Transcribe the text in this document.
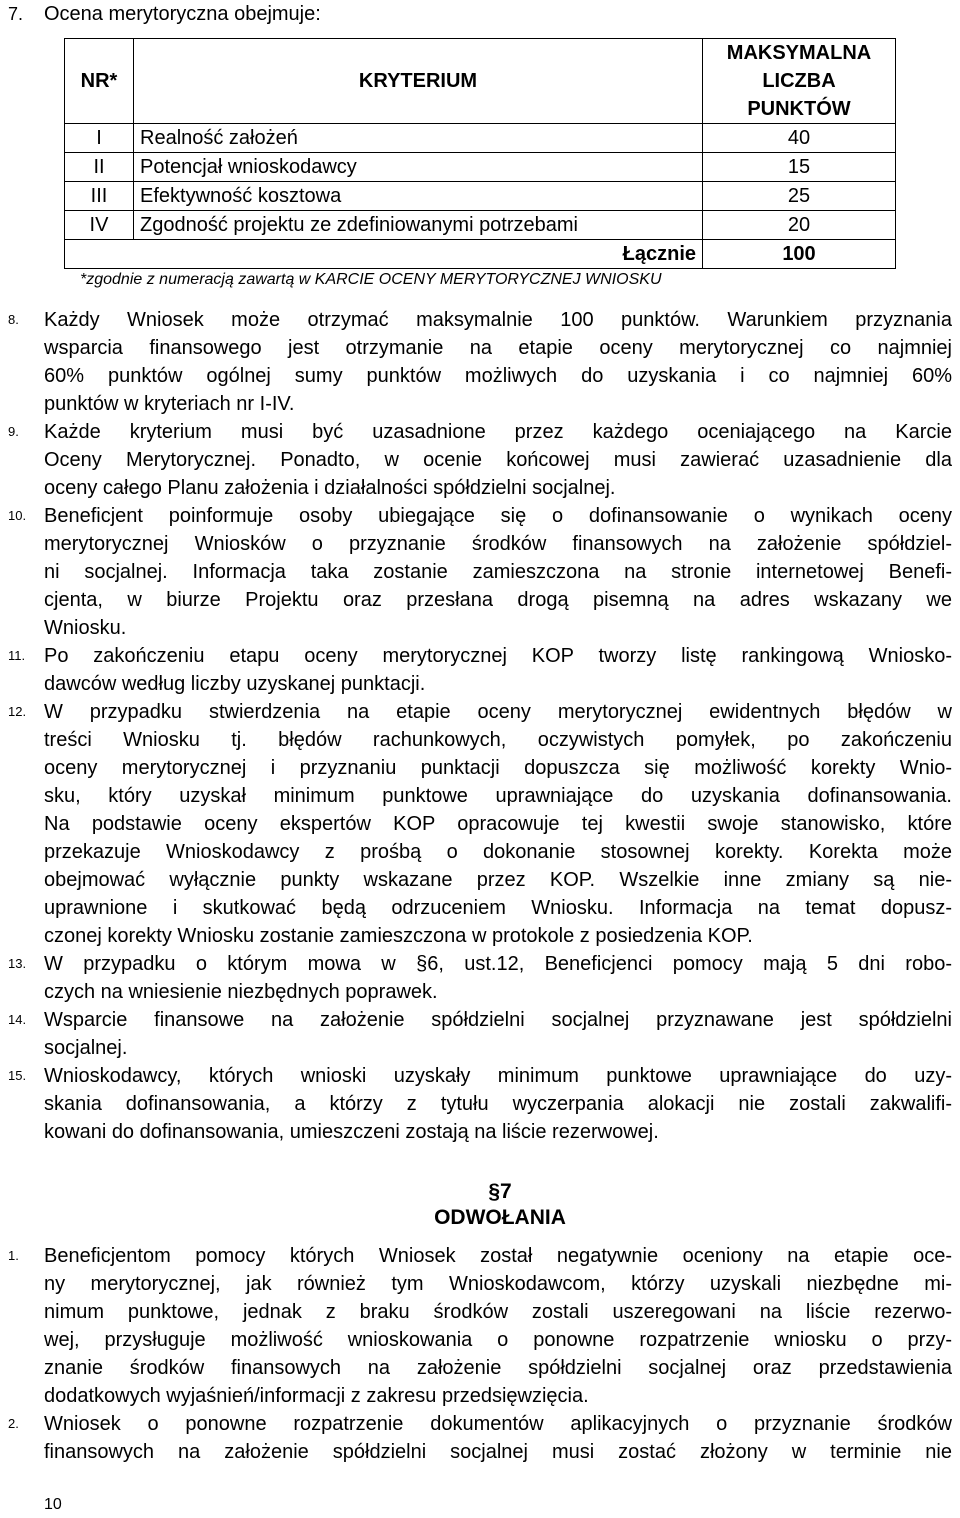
7. Ocena merytoryczna obejmuje:
NR*	KRYTERIUM	MAKSYMALNA
LICZBA
PUNKTÓW

I	Realność założeń	40
II	Potencjał wnioskodawcy	15
III	Efektywność kosztowa	25
IV	Zgodność projektu ze zdefiniowanymi potrzebami	20
	Łącznie	100
*zgodnie z numeracją zawartą w KARCIE OCENY MERYTORYCZNEJ WNIOSKU
8. Każdy Wniosek może otrzymać maksymalnie 100 punktów. Warunkiem przyznania
wsparcia finansowego jest otrzymanie na etapie oceny merytorycznej co najmniej
60% punktów ogólnej sumy punktów możliwych do uzyskania i co najmniej 60%
punktów w kryteriach nr I-IV.
9. Każde kryterium musi być uzasadnione przez każdego oceniającego na Karcie
Oceny Merytorycznej. Ponadto, w ocenie końcowej musi zawierać uzasadnienie dla
oceny całego Planu założenia i działalności spółdzielni socjalnej.
10. Beneficjent poinformuje osoby ubiegające się o dofinansowanie o wynikach oceny
merytorycznej Wniosków o przyznanie środków finansowych na założenie spółdziel-
ni socjalnej. Informacja taka zostanie zamieszczona na stronie internetowej Benefi-
cjenta, w biurze Projektu oraz przesłana drogą pisemną na adres wskazany we
Wniosku.
11. Po zakończeniu etapu oceny merytorycznej KOP tworzy listę rankingową Wniosko-
dawców według liczby uzyskanej punktacji.
12. W przypadku stwierdzenia na etapie oceny merytorycznej ewidentnych błędów w
treści Wniosku tj. błędów rachunkowych, oczywistych pomyłek, po zakończeniu
oceny merytorycznej i przyznaniu punktacji dopuszcza się możliwość korekty Wnio-
sku, który uzyskał minimum punktowe uprawniające do uzyskania dofinansowania.
Na podstawie oceny ekspertów KOP opracowuje tej kwestii swoje stanowisko, które
przekazuje Wnioskodawcy z prośbą o dokonanie stosownej korekty. Korekta może
obejmować wyłącznie punkty wskazane przez KOP. Wszelkie inne zmiany są nie-
uprawnione i skutkować będą odrzuceniem Wniosku. Informacja na temat dopusz-
czonej korekty Wniosku zostanie zamieszczona w protokole z posiedzenia KOP.
13. W przypadku o którym mowa w §6, ust.12, Beneficjenci pomocy mają 5 dni robo-
czych na wniesienie niezbędnych poprawek.
14. Wsparcie finansowe na założenie spółdzielni socjalnej przyznawane jest spółdzielni
socjalnej.
15. Wnioskodawcy, których wnioski uzyskały minimum punktowe uprawniające do uzy-
skania dofinansowania, a którzy z tytułu wyczerpania alokacji nie zostali zakwalifi-
kowani do dofinansowania, umieszczeni zostają na liście rezerwowej.
1. Beneficjentom pomocy których Wniosek został negatywnie oceniony na etapie oce-
ny merytorycznej, jak również tym Wnioskodawcom, którzy uzyskali niezbędne mi-
nimum punktowe, jednak z braku środków zostali uszeregowani na liście rezerwo-
wej, przysługuje możliwość wnioskowania o ponowne rozpatrzenie wniosku o przy-
znanie środków finansowych na założenie spółdzielni socjalnej oraz przedstawienia
dodatkowych wyjaśnień/informacji z zakresu przedsięwzięcia.
2. Wniosek o ponowne rozpatrzenie dokumentów aplikacyjnych o przyznanie środków
finansowych na założenie spółdzielni socjalnej musi zostać złożony w terminie nie
§7
ODWOŁANIA
10
